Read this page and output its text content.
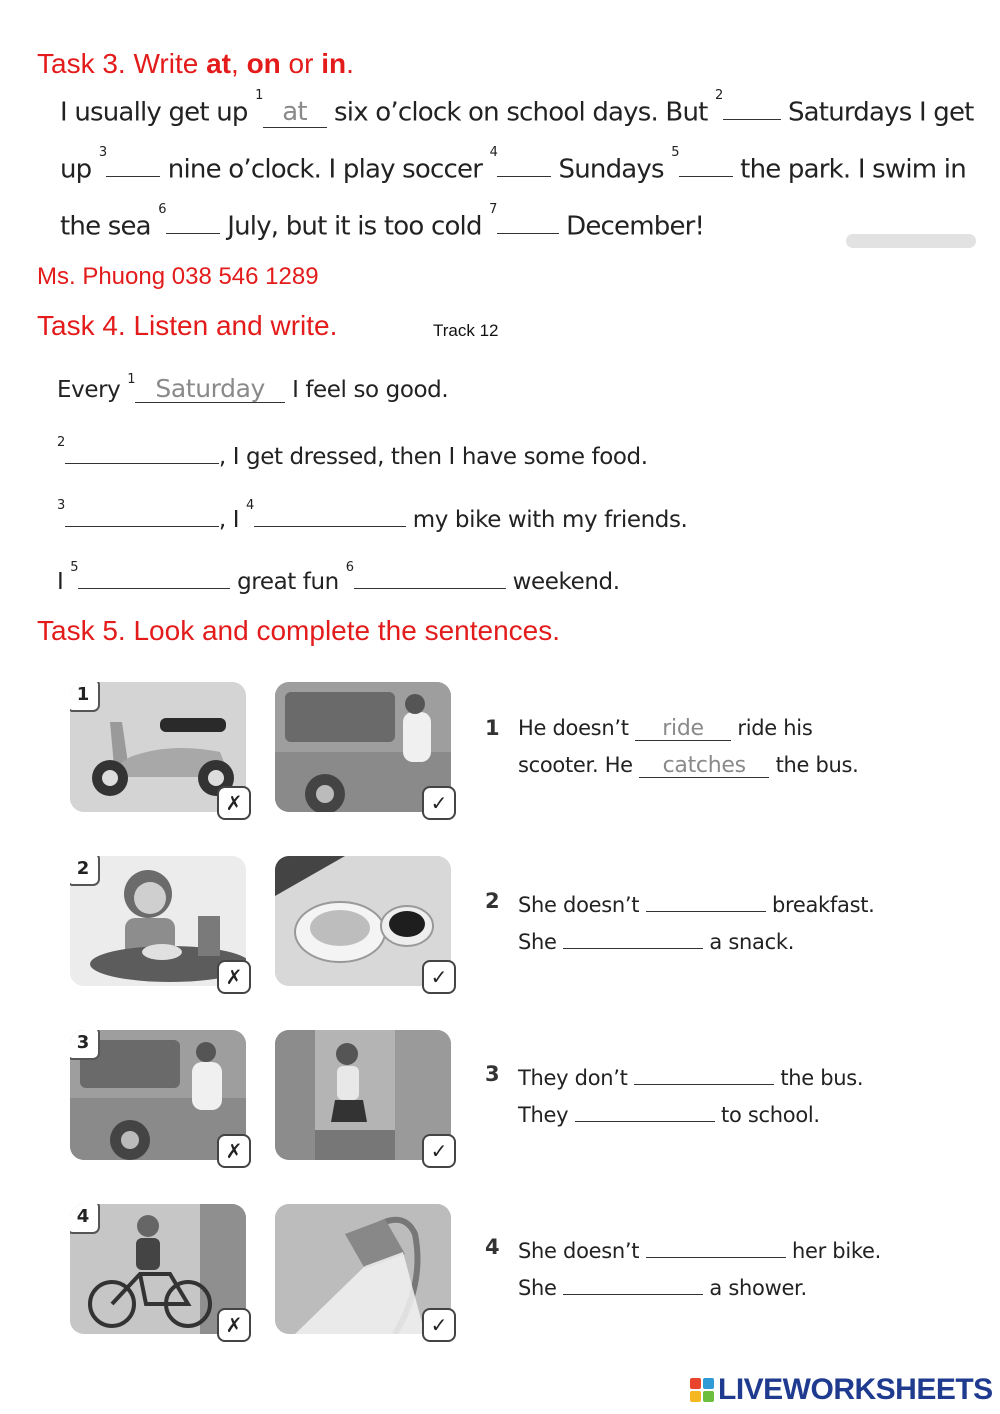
Task 3. Write at, on or in.
I usually get up $^1$at six o’clock on school days. But $^2$ Saturdays I get
up $^3$ nine o’clock. I play soccer $^4$ Sundays $^5$ the park. I swim in
the sea $^6$ July, but it is too cold $^7$ December!
Ms. Phuong 038 546 1289
Task 4. Listen and write.	Track 12
Every $^1$ Saturday I feel so good.
$^2$, I get dressed, then I have some food.
$^3$, I $^4$ my bike with my friends.
I $^5$ great fun $^6$ weekend.
Task 5. Look and complete the sentences.
1
✗	✓
1 He doesn’t ride ride his
scooter. He catches the bus.
2
✗	✓
2 She doesn’t	breakfast.
She	a snack.
3
✗	✓
3 They don’t	the bus.
They	to school.
4
✗	✓
4 She doesn’t	her bike.
She	a shower.
LIVEWORKSHEETS
